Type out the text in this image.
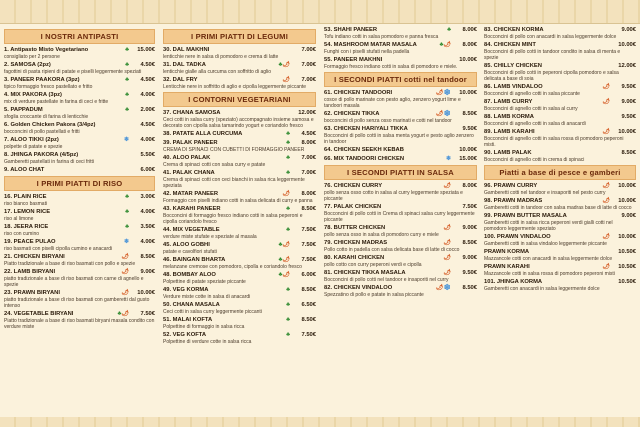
I NOSTRI ANTIPASTI
1. Antipasto Misto Vegetariano	♣	15.00€
consigliato per 2 persone
2. SAMOSA (2pz)	♣	4.50€
fagottini di pasta ripieni di patate e piselli leggermente speziati
3. PANEER PAAKORA (3pz)	♣	4.50€
tipico formaggio fresco pastellato e fritto
4. MIX PAKORA (3pz)	♣	4.00€
mix di verdure pastellate in farina di ceci e fritte
5. PAPPADUM	♣	2.00€
sfoglia croccante di farina di lenticchie
6. Golden Chicken Pakora (3/4pz)	4.50€
bocconcini di pollo pastellati e fritti
7. ALOO TIKKI (2pz)	❄	4.00€
polpette di patate e spezie
8. JHINGA PAKORA (4/5pz)	5.50€
Gamberetti pastellati in farina di ceci fritti
9. ALOO CHAT	6.00€
I PRIMI PIATTI DI RISO
16. PLAIN RICE	♣	3.00€
riso bianco basmati
17. LEMON RICE	♣	4.00€
riso al limone
18. JEERA RICE	♣	3.50€
riso con cumino
19. PEACE PULAO	❄	4.00€
riso basmati con piselli cipolla cumino e anacardi
21. CHICKEN BIRYANI	🌶	8.50€
Piatto tradizionale a base di riso basmati con pollo e spezie
22. LAMB BIRYANI	🌶	9.00€
piatto tradizionale a base di riso basmati con carne di agnello e spezie
23. PRAWN BIRYANI	🌶	10.00€
piatto tradizionale a base di riso basmati con gamberetti dal gusto intenso
24. VEGETABLE BIRYANI	♣🌶	7.50€
Piatto tradizionale a base di riso basmati biryani masala condito con verdure miste
I PRIMI PIATTI DI LEGUMI
30. DAL MAKHNI	7.00€
lenticchie nere in salsa di pomodoro e crema di latte
31. DAL TADKA	♣🌶	7.00€
lenticchie gialle alla curcuma con soffritto di aglio
32. DAL FRY	🌶	7.00€
Lenticchie nere in soffritto di aglio e cipolla leggermente piccante
I CONTORNI VEGETARIANI
37. CHANA SAMOSA	12.00€
Ceci cotti in salsa curry (speziato) accompagnato insieme samosa e decorato con cipolla salsa tamarindo yogurt e coriandolo fresco
38. PATATE ALLA CURCUMA	♣	4.50€
39. PALAK PANEER	♣	8.00€
CREMA DI SPINACI CON CUBETTI DI FORMAGGIO PANEER
40. ALOO PALAK	♣	7.00€
Crema di spinaci cotti con salsa curry e patate
41. PALAK CHANA	♣	7.00€
Crema di spinaci cotti con ceci bianchi in salsa rica leggermente speziata
42. MATAR PANEER	🌶	8.00€
Formaggio con piselli indiano cotti in salsa delicata di curry e panna
43. KARAHI PANEER	♣	8.50€
Bocconcini di formaggio fresco indiano cotti in salsa peperoni e cipolla coriandolo fresco
44. MIX VEGETABLE	♣	7.50€
verdure miste stufate e speziate al masala
45. ALOO GOBHI	♣🌶	7.50€
patate e cavolfiori stufati
46. BAINGAN BHARTA	♣🌶	7.50€
melanzane cremose con pomodoro, cipolla e coriandolo fresco
48. BOMBAY ALOO	♣🌶	6.00€
Polpettine di patate speziate piccante
49. VEG KORMA	♣	8.50€
Verdure miste cotte in salsa di anacardi
50. CHANA MASALA	♣	6.50€
Ceci cotti in salsa curry leggermente piccanti
51. MALAI KOFTA	♣	8.50€
Polpettine di formaggio in salsa ricca
52. VEG KOFTA	♣	7.50€
Polpettine di verdure cotte in salsa ricca
53. SHAHI PANEER	♣	8.00€
Tofu indiano cotti in salsa pomodoro e panna fresca
54. MASHROOM MATAR MASALA	♣🌶	8.00€
Funghi con i piselli stufati nella padella
55. PANEER MAKHNI	10.00€
Formaggio fresco indiano cotti in salsa di pomodoro e miele.
I SECONDI PIATTI cotti nel tandoor
61. CHICKEN TANDOORI	🌶❄	10.00€
cosce di pollo marinate con pesto aglio, zenzero yogurt lime e tandoori masala
62. CHICKEN TIKKA	🌶❄	8.50€
bocconcini di pollo senza osso marinati e cotti nel tandoor
63. CHICKEN HARIYALI TIKKA	9.50€
Bocconcini di pollo cotti in salsa menta yogurt e pesto aglio zenzero in tandoor
64. CHICKEN SEEKH KEBAB	10.00€
66. MIX TANDOORI CHICKEN	❄	15.00€
I SECONDI PIATTI IN SALSA
76. CHICKEN CURRY	🌶	8.00€
pollo senza osso cotto in salsa al curry leggermente speziata e piccante
77. PALAK CHICKEN	7.50€
Bocconcini di pollo cotti in Crema di spinaci salsa curry leggermente piccante
78. BUTTER CHICKEN	🌶	9.00€
pollo senza osso in salsa di pomodoro curry e miele
79. CHICKEN MADRAS	🌶	8.50€
Pollo cotto in padella con salsa delicata base di latte di cocco
80. KARAHI CHICKEN	🌶	9.00€
pollo cotto con curry peperoni verdi e cipolla
81. CHICKEN TIKKA MASALA	🌶	9.50€
Bocconcini di pollo cotti nel tandoor e insaporiti nel curry
82. CHICKEN VINDALOO	🌶❄	8.50€
Spezzatino di pollo e patate in salsa piccante
83. CHICKEN KORMA	9.00€
Bocconcini di pollo con anacardi in salsa leggermente dolce
84. CHICKEN MINT	10.00€
Bocconcini di pollo cotti in tandoor condito in salsa di menta e spezie
85. CHILLY CHICKEN	12.00€
Bocconcini di pollo cotti in peperoni cipolla pomodoro e salsa delicata a base di soia
86. LAMB VINDALOO	🌶	9.50€
Bocconcini di agnello cotti in salsa piccante
87. LAMB CURRY	🌶	9.00€
Bocconcini di agnello cotti in salsa al curry
88. LAMB KORMA	9.50€
Bocconcini di agnello cotti in salsa di anacardi
89. LAMB KARAHI	🌶	10.00€
Bocconcini di agnello cotti in salsa rossa di pomodoro peperoni misti.
90. LAMB PALAK	8.50€
Bocconcini di agnello cotti in crema di spinaci
Piatti a base di pesce e gamberi
96. PRAWN CURRY	🌶	10.00€
Gamberetti cotti nel tandoor e insaporiti nel pesto curry
98. PRAWN MADRAS	🌶	10.00€
Gamberetti cotti in tandoor con salsa madras base di latte di cocco
99. PRAWN BUTTER MASALA	9.00€
Gamberetti cotti in salsa ricca peperoni verdi gialli cotti nel pomodoro leggermente speziato
100. PRAWN VINDALOO	🌶	10.00€
Gamberetti cotti in salsa vindaloo leggermente piccante
PRAWN KORMA	10.50€
Mazzancole cotti con anacardi in salsa leggermente dolce
PRAWN KARAHI	🌶	10.50€
Mazzancole cotti in salsa rossa di pomodoro peperoni misti
101. JHINGA KORMA	10.50€
Gamberetti con anacardi in salsa leggermente dolce
